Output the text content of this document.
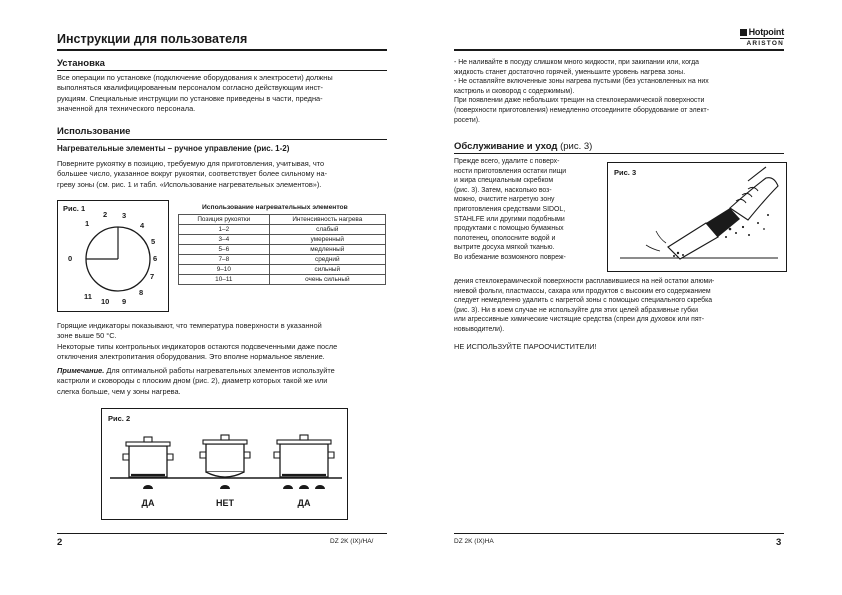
Инструкции для пользователя
Установка
Все операции по установке (подключение оборудования к электросети) должны
выполняться квалифицированным персоналом согласно действующим инст-
рукциям. Специальные инструкции по установке приведены в части, предна-
значенной для технического персонала.
Использование
Нагревательные элементы – ручное управление (рис. 1-2)
Поверните рукоятку в позицию, требуемую для приготовления, учитывая, что
большее число, указанное вокруг рукоятки, соответствует более сильному на-
греву зоны (см. рис. 1 и табл. «Использование нагревательных элементов»).
Рис. 1
0
1
2 3
4
5
6
7
8
9
10
11
Использование нагревательных элементов
Позиция рукоятки	Интенсивность нагрева
1–2	слабый
3–4	умеренный
5–6	медленный
7–8	средний
9–10	сильный
10–11	очень сильный
Горящие индикаторы показывают, что температура поверхности в указанной
зоне выше 50 °C.
Некоторые типы контрольных индикаторов остаются подсвеченными даже после
отключения электропитания оборудования. Это вполне нормальное явление.
Примечание. Для оптимальной работы нагревательных элементов используйте
кастрюли и сковороды с плоским дном (рис. 2), диаметр которых такой же или
слегка больше, чем у зоны нагрева.
Рис. 2
ДА	НЕТ	ДА
2	DZ 2K (IX)/HA/
Hotpoint
ARISTON
- Не наливайте в посуду слишком много жидкости, при закипании или, когда
жидкость станет достаточно горячей, уменьшите уровень нагрева зоны.
- Не оставляйте включенные зоны нагрева пустыми (без установленных на них
кастрюль и сковород с содержимым).
При появлении даже небольших трещин на стеклокерамической поверхности
(поверхности приготовления) немедленно отсоедините оборудование от элект-
росети).
Обслуживание и уход (рис. 3)
Прежде всего, удалите с поверх-
ности приготовления остатки пищи
и жира специальным скребком
(рис. 3). Затем, насколько воз-
можно, очистите нагретую зону
приготовления средствами SIDOL,
STAHLFE или другими подобными
продуктами с помощью бумажных
полотенец, ополосните водой и
вытрите досуха мягкой тканью.
Во избежание возможного повреж-
Рис. 3
дения стеклокерамической поверхности расплавившиеся на ней остатки алюми-
ниевой фольги, пластмассы, сахара или продуктов с высоким его содержанием
следует немедленно удалить с нагретой зоны с помощью специального скребка
(рис. 3). Ни в коем случае не используйте для этих целей абразивные губки
или агрессивные химические чистящие средства (спреи для духовок или пят-
новыводители).
НЕ ИСПОЛЬЗУЙТЕ ПАРООЧИСТИТЕЛИ!
DZ 2K (IX)HA	3
